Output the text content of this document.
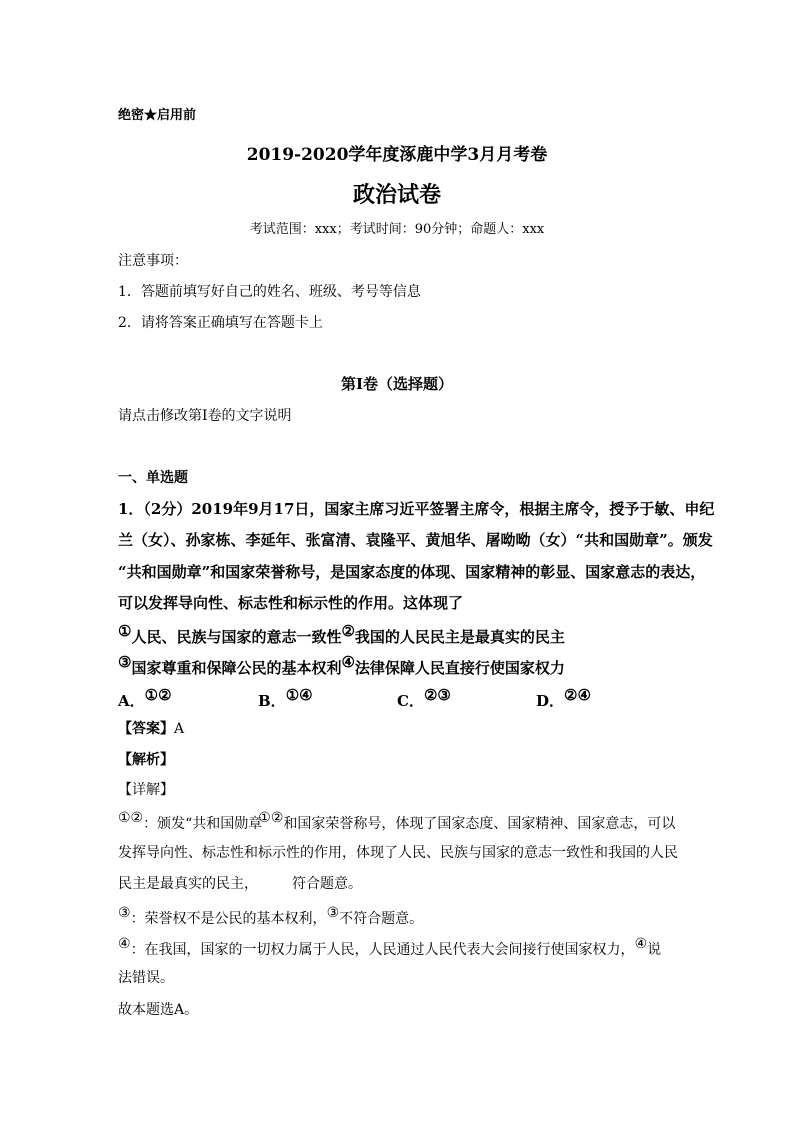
绝密★启用前
2019-2020学年度涿鹿中学3月月考卷
政治试卷
考试范围：xxx；考试时间：90分钟；命题人：xxx
注意事项：
1．答题前填写好自己的姓名、班级、考号等信息
2．请将答案正确填写在答题卡上
第I卷（选择题）
请点击修改第I卷的文字说明
一、单选题
1．（2分）2019年9月17日，国家主席习近平签署主席令，根据主席令，授予于敏、申纪
兰（女）、孙家栋、李延年、张富清、袁隆平、黄旭华、屠呦呦（女）“共和国勋章”。颁发
“共和国勋章”和国家荣誉称号，是国家态度的体现、国家精神的彰显、国家意志的表达，
可以发挥导向性、标志性和标示性的作用。这体现了
①人民、民族与国家的意志一致性②我国的人民民主是最真实的民主
③国家尊重和保障公民的基本权利④法律保障人民直接行使国家权力
A．①②	B．①④	C．②③	D．②④
【答案】A
【解析】
【详解】
①②：颁发“共和国勋章①②和国家荣誉称号，体现了国家态度、国家精神、国家意志，可以
发挥导向性、标志性和标示性的作用，体现了人民、民族与国家的意志一致性和我国的人民
民主是最真实的民主， 符合题意。
③：荣誉权不是公民的基本权利，③不符合题意。
④：在我国，国家的一切权力属于人民，人民通过人民代表大会间接行使国家权力，④说
法错误。
故本题选A。
